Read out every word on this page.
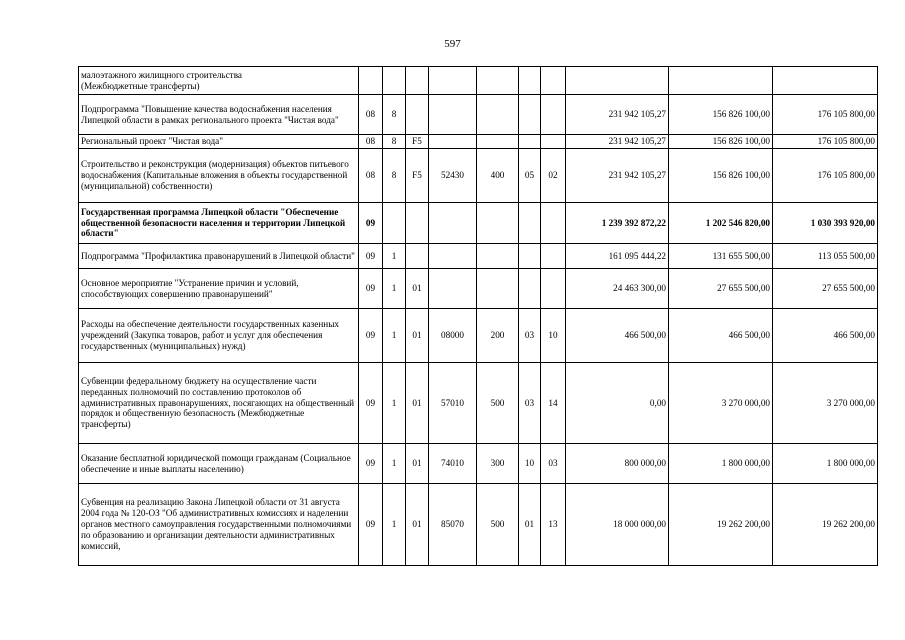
597
малоэтажного жилищного строительства
(Межбюджетные трансферты)										
Подпрограмма "Повышение качества водоснабжения населения Липецкой области в рамках регионального проекта "Чистая вода"	08	8						231 942 105,27	156 826 100,00	176 105 800,00
Региональный проект "Чистая вода"	08	8	F5					231 942 105,27	156 826 100,00	176 105 800,00
Строительство и реконструкция (модернизация) объектов питьевого водоснабжения (Капитальные вложения в объекты государственной (муниципальной) собственности)	08	8	F5	52430	400	05	02	231 942 105,27	156 826 100,00	176 105 800,00
Государственная программа Липецкой области "Обеспечение общественной безопасности населения и территории Липецкой области"	09							1 239 392 872,22	1 202 546 820,00	1 030 393 920,00
Подпрограмма "Профилактика правонарушений в Липецкой области"	09	1						161 095 444,22	131 655 500,00	113 055 500,00
Основное мероприятие "Устранение причин и условий, способствующих совершению правонарушений"	09	1	01					24 463 300,00	27 655 500,00	27 655 500,00
Расходы на обеспечение деятельности государственных казенных учреждений (Закупка товаров, работ и услуг для обеспечения государственных (муниципальных) нужд)	09	1	01	08000	200	03	10	466 500,00	466 500,00	466 500,00
Субвенции федеральному бюджету на осуществление части переданных полномочий по составлению протоколов об административных правонарушениях, посягающих на общественный порядок и общественную безопасность (Межбюджетные трансферты)	09	1	01	57010	500	03	14	0,00	3 270 000,00	3 270 000,00
Оказание бесплатной юридической помощи гражданам (Социальное обеспечение и иные выплаты населению)	09	1	01	74010	300	10	03	800 000,00	1 800 000,00	1 800 000,00
Субвенция на реализацию Закона Липецкой области от 31 августа 2004 года № 120-ОЗ "Об административных комиссиях и наделении органов местного самоуправления государственными полномочиями по образованию и организации деятельности административных комиссий,	09	1	01	85070	500	01	13	18 000 000,00	19 262 200,00	19 262 200,00
